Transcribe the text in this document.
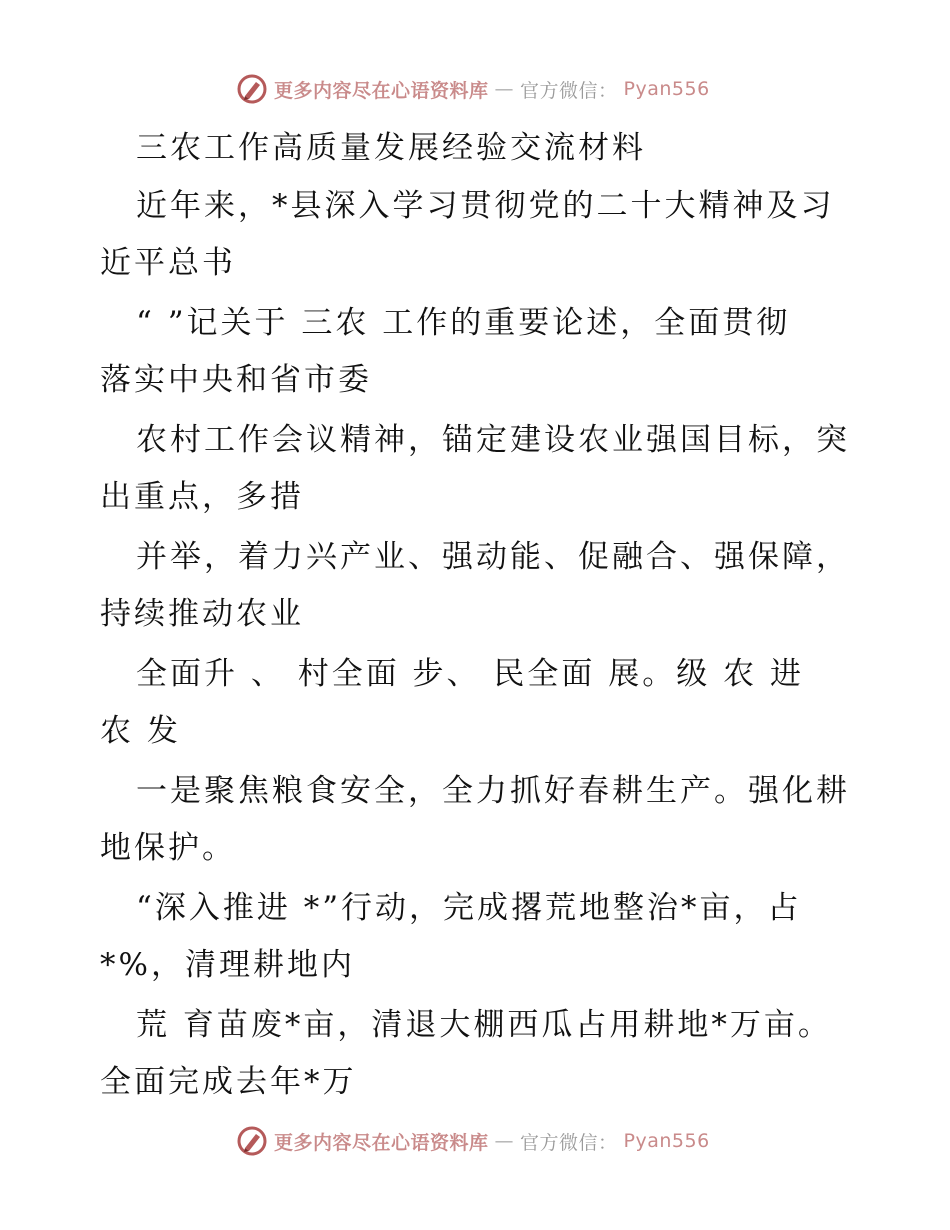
更多内容尽在心语资料库 — 官方微信： Pyan556
三农工作高质量发展经验交流材料
近年来，*县深入学习贯彻党的二十大精神及习
近平总书
“ ”记关于 三农 工作的重要论述，全面贯彻
落实中央和省市委
农村工作会议精神，锚定建设农业强国目标，突
出重点，多措
并举，着力兴产业、强动能、促融合、强保障，
持续推动农业
全面升 、 村全面 步、 民全面 展。级 农 进
农 发
一是聚焦粮食安全，全力抓好春耕生产。强化耕
地保护。
“深入推进 *”行动，完成撂荒地整治*亩，占
*%，清理耕地内
荒 育苗废*亩，清退大棚西瓜占用耕地*万亩。
全面完成去年*万
更多内容尽在心语资料库 — 官方微信： Pyan556
